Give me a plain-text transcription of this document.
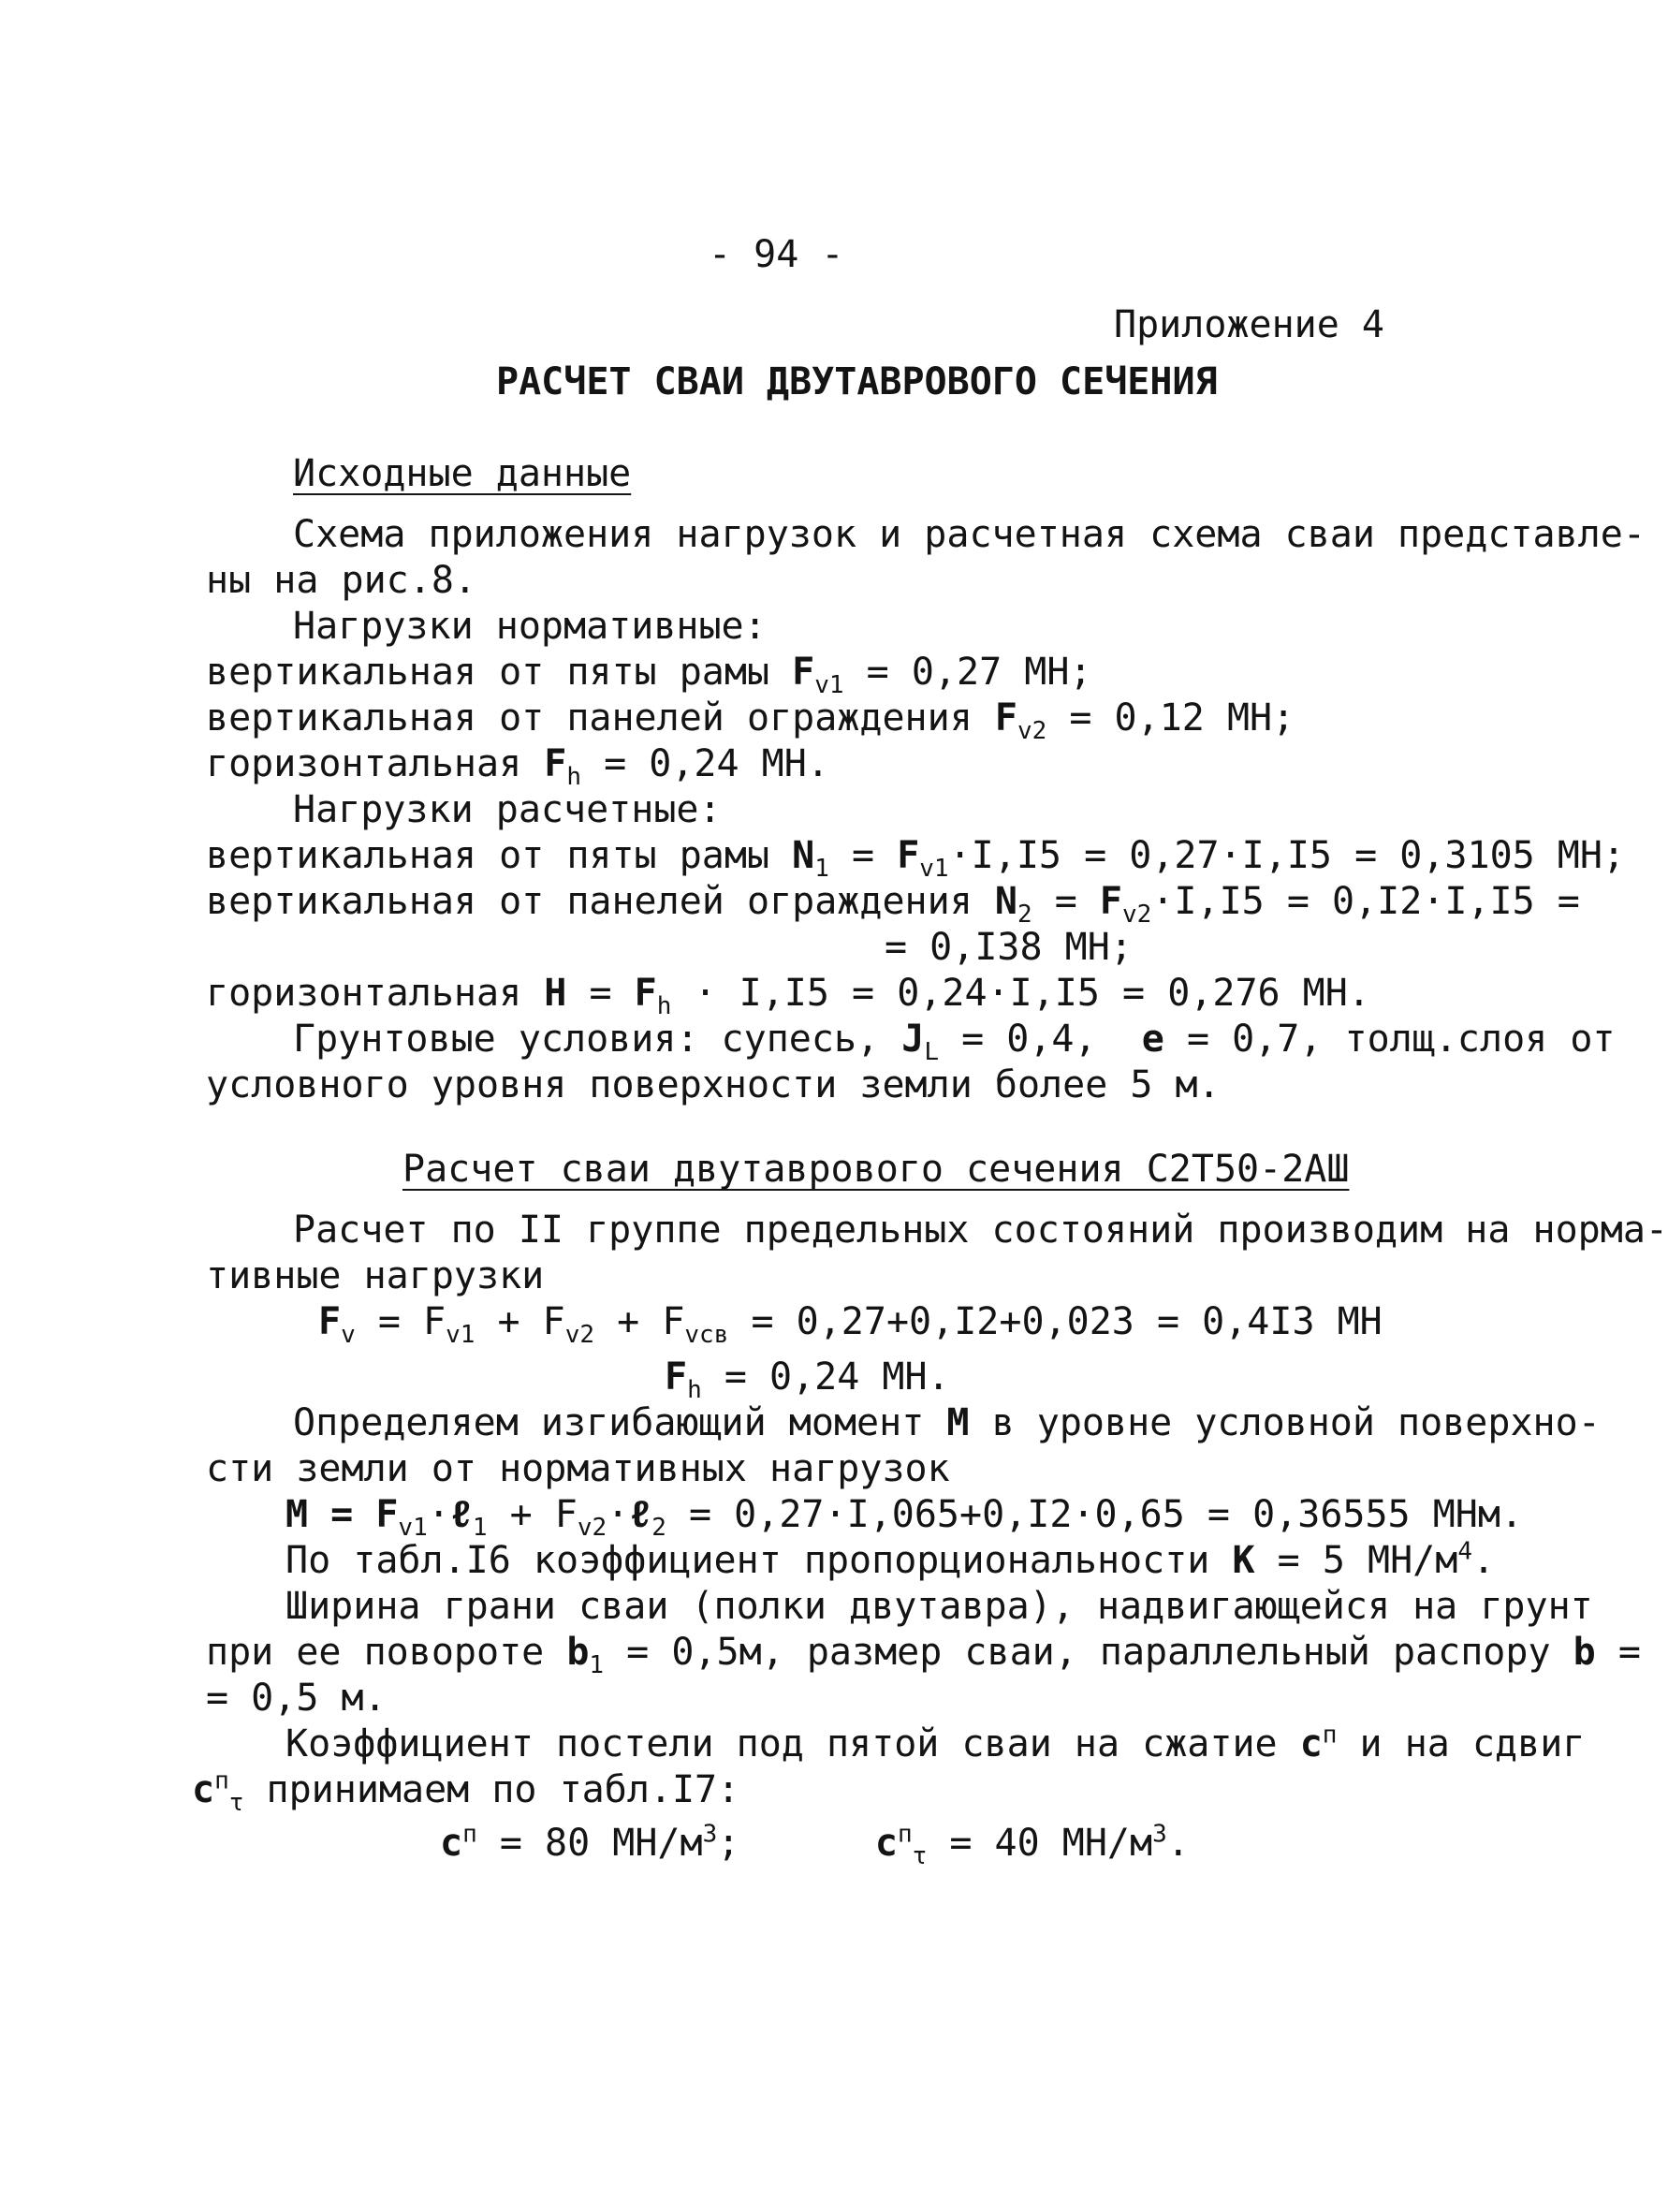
- 94 -
Приложение 4
РАСЧЕТ СВАИ ДВУТАВРОВОГО СЕЧЕНИЯ
Исходные данные
Схема приложения нагрузок и расчетная схема сваи представле-
ны на рис.8.
Нагрузки нормативные:
вертикальная от пяты рамы $F_{v1} = 0,27$ МН;
вертикальная от панелей ограждения $F_{v2} = 0,12$ МН;
горизонтальная $F_h = 0,24$ МН.
Нагрузки расчетные:
вертикальная от пяты рамы $N_1 = F_{v1}\cdot I,I5 = 0,27\cdot I,I5 = 0,3105$ МН;
вертикальная от панелей ограждения $N_2 = F_{v2}\cdot I,I5 = 0,I2\cdot I,I5$ =
= 0,I38 МН;
горизонтальная $H = F_h \cdot I,I5 = 0,24\cdot I,I5 = 0,276$ МН.
Грунтовые условия: супесь, $J_L = 0,4$, e = 0,7, толщ.слоя от
условного уровня поверхности земли более 5 м.
Расчет сваи двутаврового сечения С2Т50-2АШ
Расчет по II группе предельных состояний производим на норма-
тивные нагрузки
$F_v = F_{v1} + F_{v2} + F_{vсв} = 0,27+0,I2+0,023 = 0,4I3$ МН
$F_h = 0,24$ МН.
Определяем изгибающий момент M в уровне условной поверхно-
сти земли от нормативных нагрузок
$M = F_{v1}\cdot\ell_1$ + $F_{v2}\cdot\ell_2 = 0,27\cdot I,065+0,I2\cdot 0,65 = 0,36555$ МНм.
По табл.I6 коэффициент пропорциональности K = 5 $МН/м^4$.
Ширина грани сваи (полки двутавра), надвигающейся на грунт
при ее повороте $b_1 = 0,5м$, размер сваи, параллельный распору b =
= 0,5 м.
Коэффициент постели под пятой сваи на сжатие $c^п$ и на сдвиг
$c^п_\tau$ принимаем по табл.I7:
$c^п = 80$ $МН/м^3$;	$c^п_\tau = 40$ $МН/м^3$.
